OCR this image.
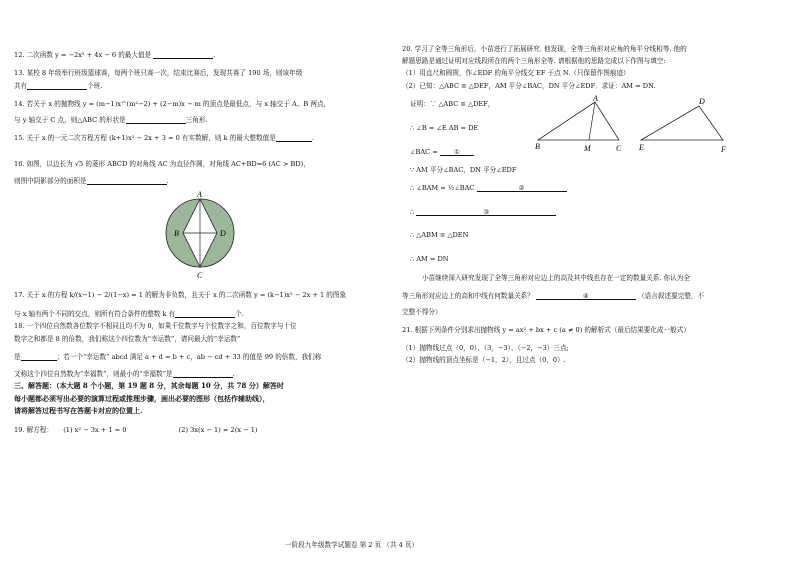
12. 二次函数 y = −2x² + 4x − 6 的最大值是	.
13. 某校 8 年级举行班级篮球赛，每两个班只赛一次，结束比赛后，发现共赛了 190 场，则该年级
共有	个班.
14. 若关于 x 的抛物线 y = (m−1)x^(m²−2) + (2−m)x − m 的顶点是最低点，与 x 轴交于 A、B 两点，
与 y 轴交于 C 点，则△ABC 的形状是	三角形.
15. 关于 x 的一元二次方程方程 (k+1)x² − 2x + 3 = 0 有实数解，则 k 的最大整数值是	.
16. 如图，以边长为 √5 的菱形 ABCD 的对角线 AC 为直径作圆，对角线 AC+BD=6 (AC > BD)，
则图中阴影部分的面积是	.
A
B
C
D
17. 关于 x 的方程 k/(x−1) − 2/(1−x) = 1 的解为非负数，且关于 x 的二次函数 y = (k−1)x² − 2x + 1 的图象
与 x 轴有两个不同的交点，则所有符合条件的整数 k 有	个.
18. 一个四位自然数各位数字不相同且均不为 0，如果千位数字与个位数字之和，百位数字与十位
数字之和都是 8 的倍数，我们称这个四位数为“幸运数”，请问最大的“幸运数”
是	；若一个“幸运数” abcd 满足 a + d = b + c，ab − cd + 33 的值是 99 的倍数，我们称
又称这个四位自然数为“幸福数”，则最小的“幸福数”是	.
三、解答题：（本大题 8 个小题，第 19 题 8 分，其余每题 10 分，共 78 分）解答时
每小题都必须写出必要的演算过程或推理步骤，画出必要的图形（包括作辅助线），
请将解答过程书写在答题卡对应的位置上.
19. 解方程： (1) x² − 3x + 1 = 0	(2) 3x(x − 1) = 2(x − 1)
20. 学习了全等三角形后，小苗进行了拓展研究. 他发现，全等三角形对应角的角平分线相等. 他的
解题思路是通过证明对应线段所在的两个三角形全等. 请根据他的思路完成以下作图与填空:
（1）用直尺和圆规，作∠EDF 的角平分线交 EF 于点 N.（只保留作图痕迹）
（2）已知：△ABC ≌ △DEF，AM 平分∠BAC，DN 平分∠EDF．求证：AM = DN.
证明：∵ △ABC ≌ △DEF，
∴ ∠B = ∠E AB = DE
∠BAC = ①
∵ AM 平分∠BAC，DN 平分∠EDF
∴ ∠BAM = ½∠BAC	②
∴	③
∴ △ABM ≌ △DEN
∴ AM = DN
A
B	M	C
D
E	F
小苗继续深入研究发现了全等三角形对应边上的高及其中线也存在一定的数量关系. 你认为全
等三角形对应边上的高和中线有何数量关系？	④	（语言叙述要完整，不
完整不得分）
21. 根据下列条件分别求出抛物线 y = ax² + bx + c (a ≠ 0) 的解析式（最后结果要化成一般式）
（1）抛物线过点（0，0）、（3，−3）、（−2，−3）三点;
（2）抛物线的顶点坐标是（−1，2），且过点（0，0）.
一阶段九年级数学试题卷 第 2 页 （共 4 页）
